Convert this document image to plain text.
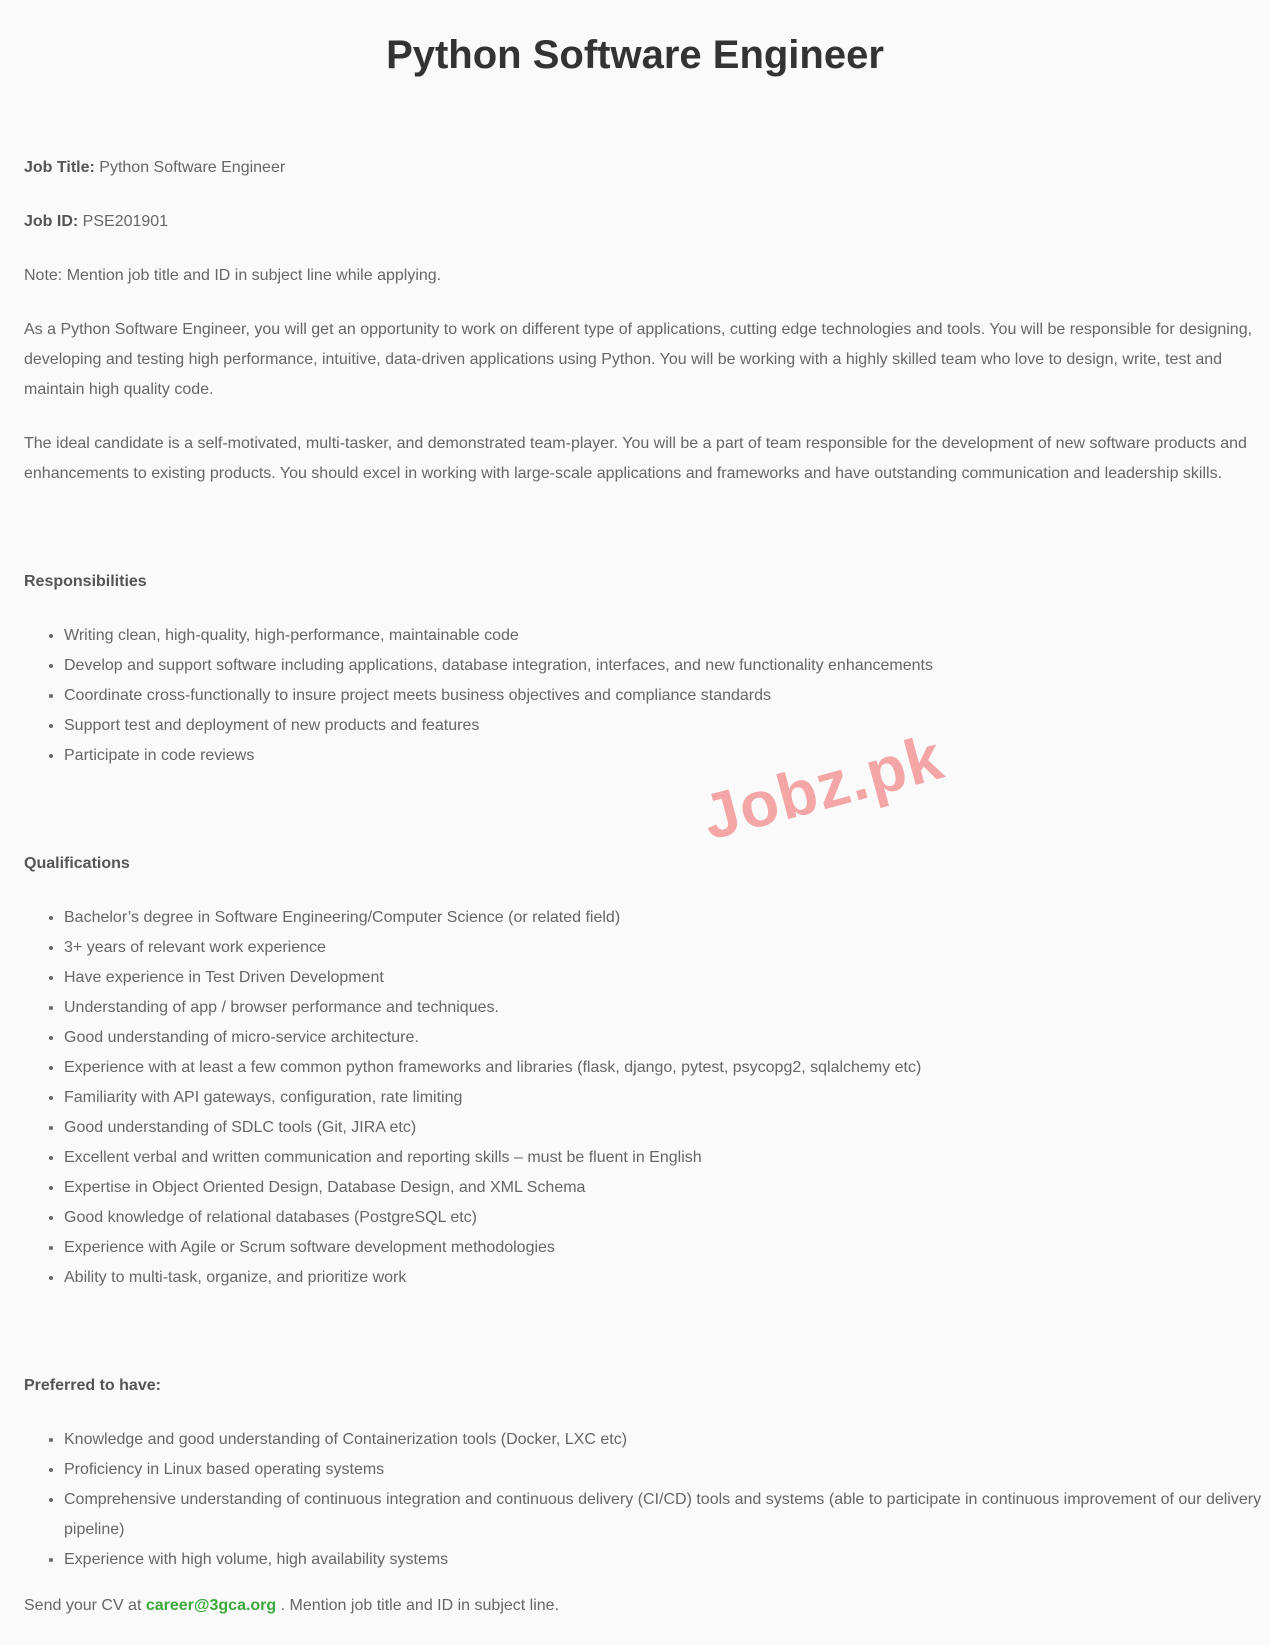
Python Software Engineer

Job Title: Python Software Engineer

Job ID: PSE201901

Note: Mention job title and ID in subject line while applying.

As a Python Software Engineer, you will get an opportunity to work on different type of applications, cutting edge technologies and tools. You will be responsible for designing, developing and testing high performance, intuitive, data-driven applications using Python. You will be working with a highly skilled team who love to design, write, test and maintain high quality code.

The ideal candidate is a self-motivated, multi-tasker, and demonstrated team-player. You will be a part of team responsible for the development of new software products and enhancements to existing products. You should excel in working with large-scale applications and frameworks and have outstanding communication and leadership skills.

Responsibilities

• Writing clean, high-quality, high-performance, maintainable code
• Develop and support software including applications, database integration, interfaces, and new functionality enhancements
• Coordinate cross-functionally to insure project meets business objectives and compliance standards
• Support test and deployment of new products and features
• Participate in code reviews

Qualifications

• Bachelor’s degree in Software Engineering/Computer Science (or related field)
• 3+ years of relevant work experience
• Have experience in Test Driven Development
• Understanding of app / browser performance and techniques.
• Good understanding of micro-service architecture.
• Experience with at least a few common python frameworks and libraries (flask, django, pytest, psycopg2, sqlalchemy etc)
• Familiarity with API gateways, configuration, rate limiting
• Good understanding of SDLC tools (Git, JIRA etc)
• Excellent verbal and written communication and reporting skills – must be fluent in English
• Expertise in Object Oriented Design, Database Design, and XML Schema
• Good knowledge of relational databases (PostgreSQL etc)
• Experience with Agile or Scrum software development methodologies
• Ability to multi-task, organize, and prioritize work

Preferred to have:

• Knowledge and good understanding of Containerization tools (Docker, LXC etc)
• Proficiency in Linux based operating systems
• Comprehensive understanding of continuous integration and continuous delivery (CI/CD) tools and systems (able to participate in continuous improvement of our delivery pipeline)
• Experience with high volume, high availability systems

Send your CV at career@3gca.org . Mention job title and ID in subject line.

Jobz.pk
